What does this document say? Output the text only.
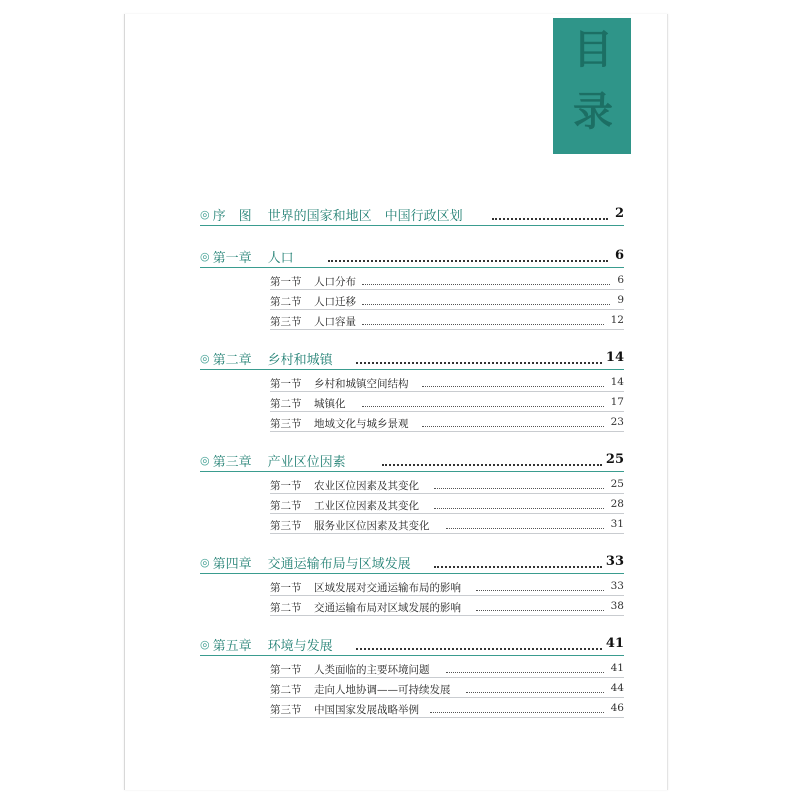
目
录
◎ 序　图 世界的国家和地区　中国行政区划	2
◎ 第一章 人口	6
第一节 人口分布	6
第二节 人口迁移	9
第三节 人口容量	12
◎ 第二章 乡村和城镇	14
第一节 乡村和城镇空间结构	14
第二节 城镇化	17
第三节 地域文化与城乡景观	23
◎ 第三章 产业区位因素	25
第一节 农业区位因素及其变化	25
第二节 工业区位因素及其变化	28
第三节 服务业区位因素及其变化	31
◎ 第四章 交通运输布局与区域发展	33
第一节 区域发展对交通运输布局的影响	33
第二节 交通运输布局对区域发展的影响	38
◎ 第五章 环境与发展	41
第一节 人类面临的主要环境问题	41
第二节 走向人地协调——可持续发展	44
第三节 中国国家发展战略举例	46
